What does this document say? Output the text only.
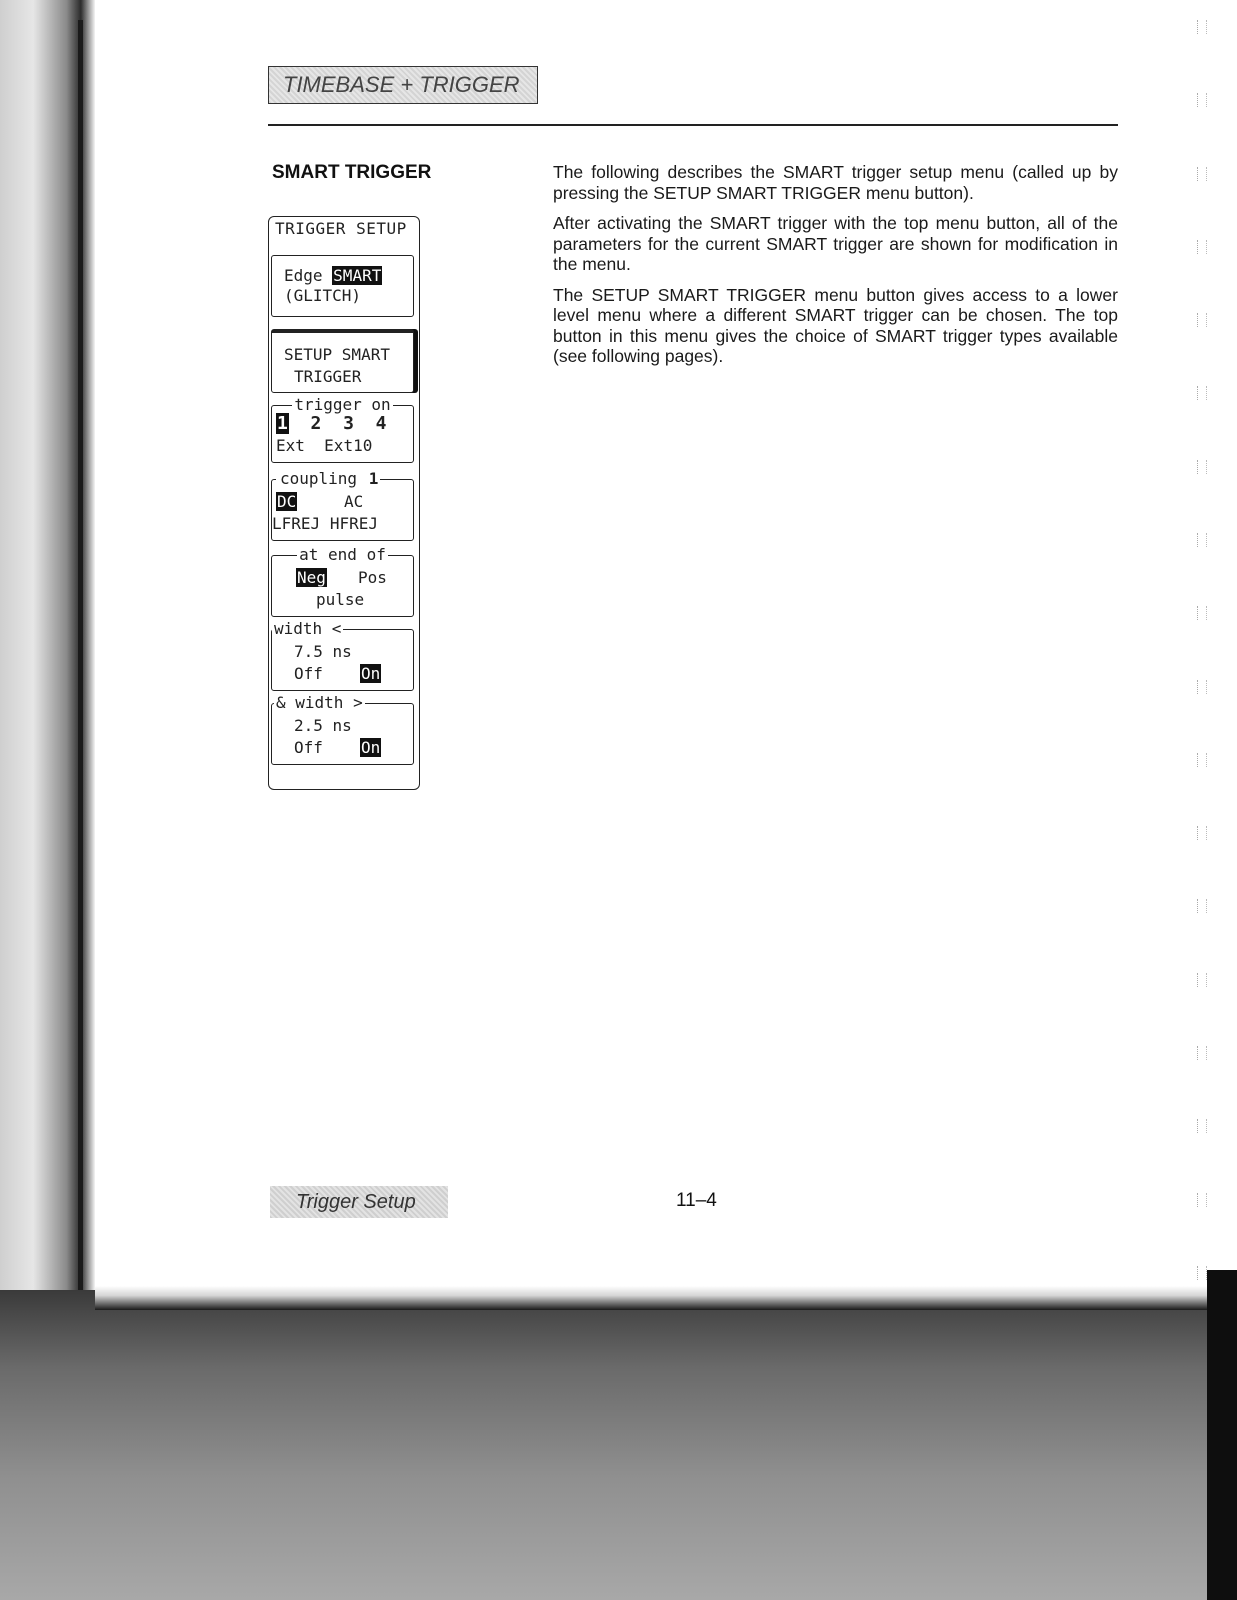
TIMEBASE + TRIGGER
SMART TRIGGER	The following describes the SMART trigger setup menu (called up by pressing the SETUP SMART TRIGGER menu button).

After activating the SMART trigger with the top menu button, all of the parameters for the current SMART trigger are shown for modification in the menu.

The SETUP SMART TRIGGER menu button gives access to a lower level menu where a different SMART trigger can be chosen. The top button in this menu gives the choice of SMART trigger types available (see following pages).

TRIGGER SETUP
Edge SMART
(GLITCH)
SETUP SMART
TRIGGER
trigger on
1 2 3 4
Ext Ext10
coupling 1
DC	AC
LFREJ HFREJ
at end of
Neg Pos
pulse
width <
7.5 ns
Off On
& width >
2.5 ns
Off On
Trigger Setup	11–4
